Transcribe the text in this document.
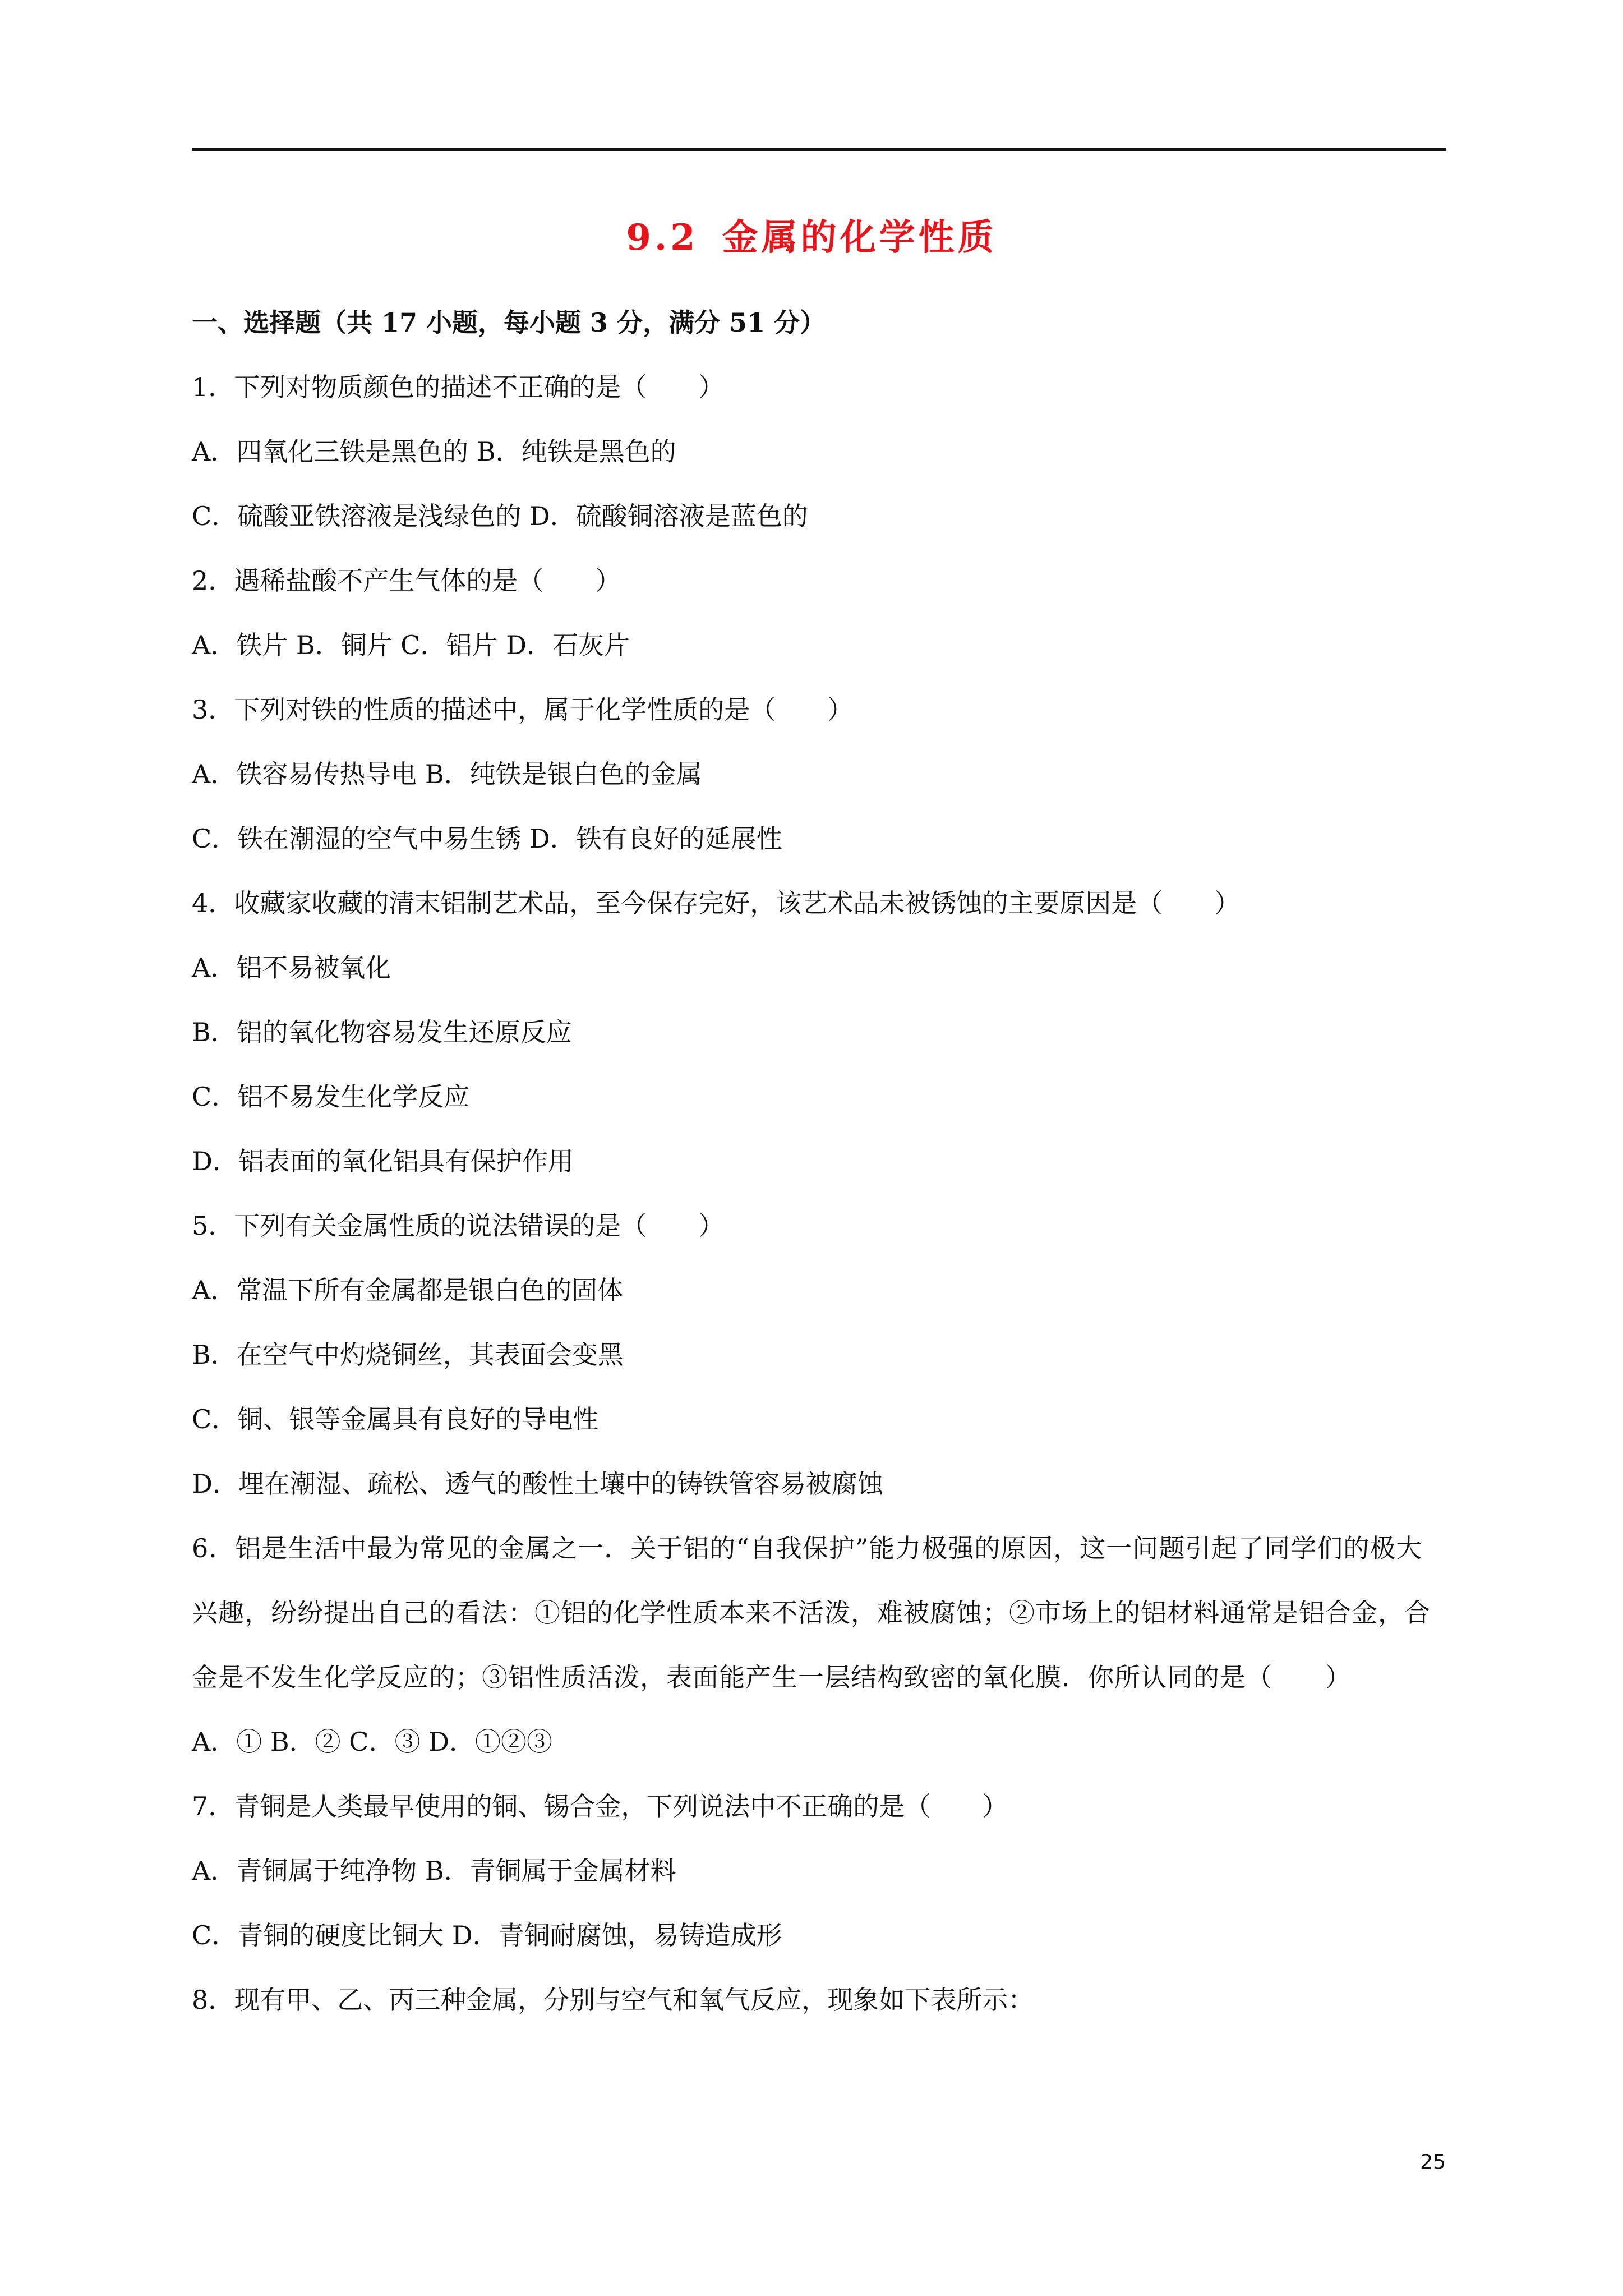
9.2 金属的化学性质

一、选择题（共 17 小题，每小题 3 分，满分 51 分）

1．下列对物质颜色的描述不正确的是（　　）

A．四氧化三铁是黑色的 B．纯铁是黑色的

C．硫酸亚铁溶液是浅绿色的 D．硫酸铜溶液是蓝色的

2．遇稀盐酸不产生气体的是（　　）

A．铁片 B．铜片 C．铝片 D．石灰片

3．下列对铁的性质的描述中，属于化学性质的是（　　）

A．铁容易传热导电 B．纯铁是银白色的金属

C．铁在潮湿的空气中易生锈 D．铁有良好的延展性

4．收藏家收藏的清末铝制艺术品，至今保存完好，该艺术品未被锈蚀的主要原因是（　　）

A．铝不易被氧化

B．铝的氧化物容易发生还原反应

C．铝不易发生化学反应

D．铝表面的氧化铝具有保护作用

5．下列有关金属性质的说法错误的是（　　）

A．常温下所有金属都是银白色的固体

B．在空气中灼烧铜丝，其表面会变黑

C．铜、银等金属具有良好的导电性

D．埋在潮湿、疏松、透气的酸性土壤中的铸铁管容易被腐蚀

6．铝是生活中最为常见的金属之一．关于铝的“自我保护”能力极强的原因，这一问题引起了同学们的极大兴趣，纷纷提出自己的看法：①铝的化学性质本来不活泼，难被腐蚀；②市场上的铝材料通常是铝合金，合金是不发生化学反应的；③铝性质活泼，表面能产生一层结构致密的氧化膜．你所认同的是（　　）

A．① B．② C．③ D．①②③

7．青铜是人类最早使用的铜、锡合金，下列说法中不正确的是（　　）

A．青铜属于纯净物 B．青铜属于金属材料

C．青铜的硬度比铜大 D．青铜耐腐蚀，易铸造成形

8．现有甲、乙、丙三种金属，分别与空气和氧气反应，现象如下表所示：

25
